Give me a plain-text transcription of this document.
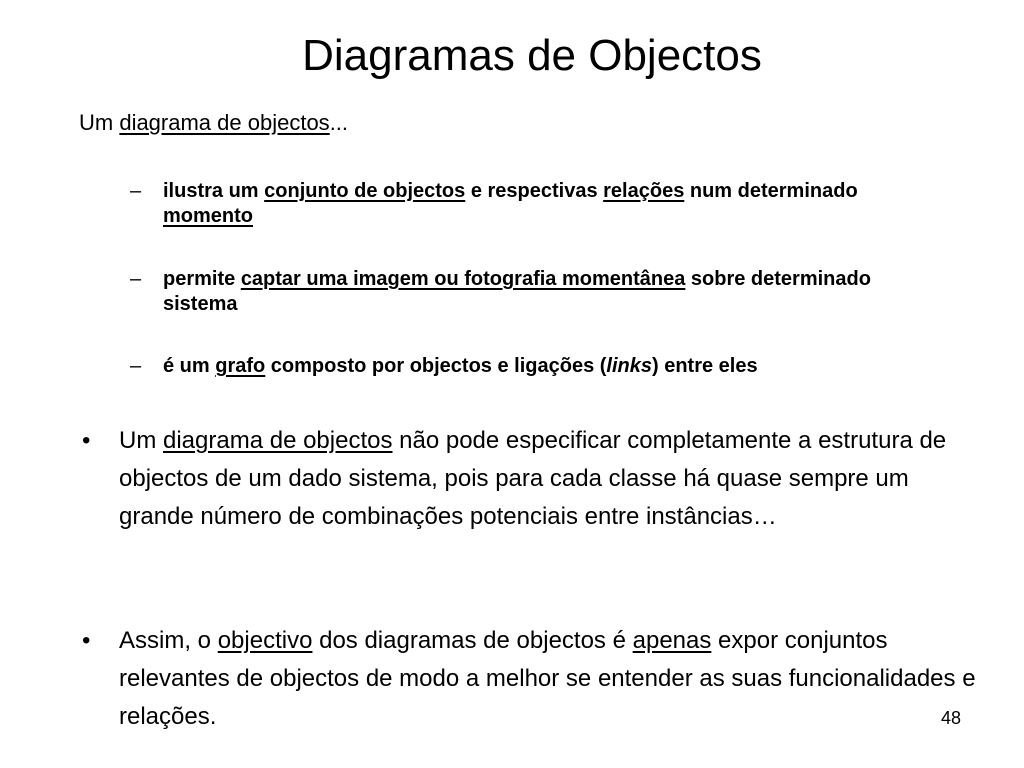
Diagramas de Objectos

Um diagrama de objectos...

– ilustra um conjunto de objectos e respectivas relações num determinado momento
– permite captar uma imagem ou fotografia momentânea sobre determinado sistema
– é um grafo composto por objectos e ligações (links) entre eles
• Um diagrama de objectos não pode especificar completamente a estrutura de objectos de um dado sistema, pois para cada classe há quase sempre um grande número de combinações potenciais entre instâncias…
• Assim, o objectivo dos diagramas de objectos é apenas expor conjuntos relevantes de objectos de modo a melhor se entender as suas funcionalidades e relações.	48
